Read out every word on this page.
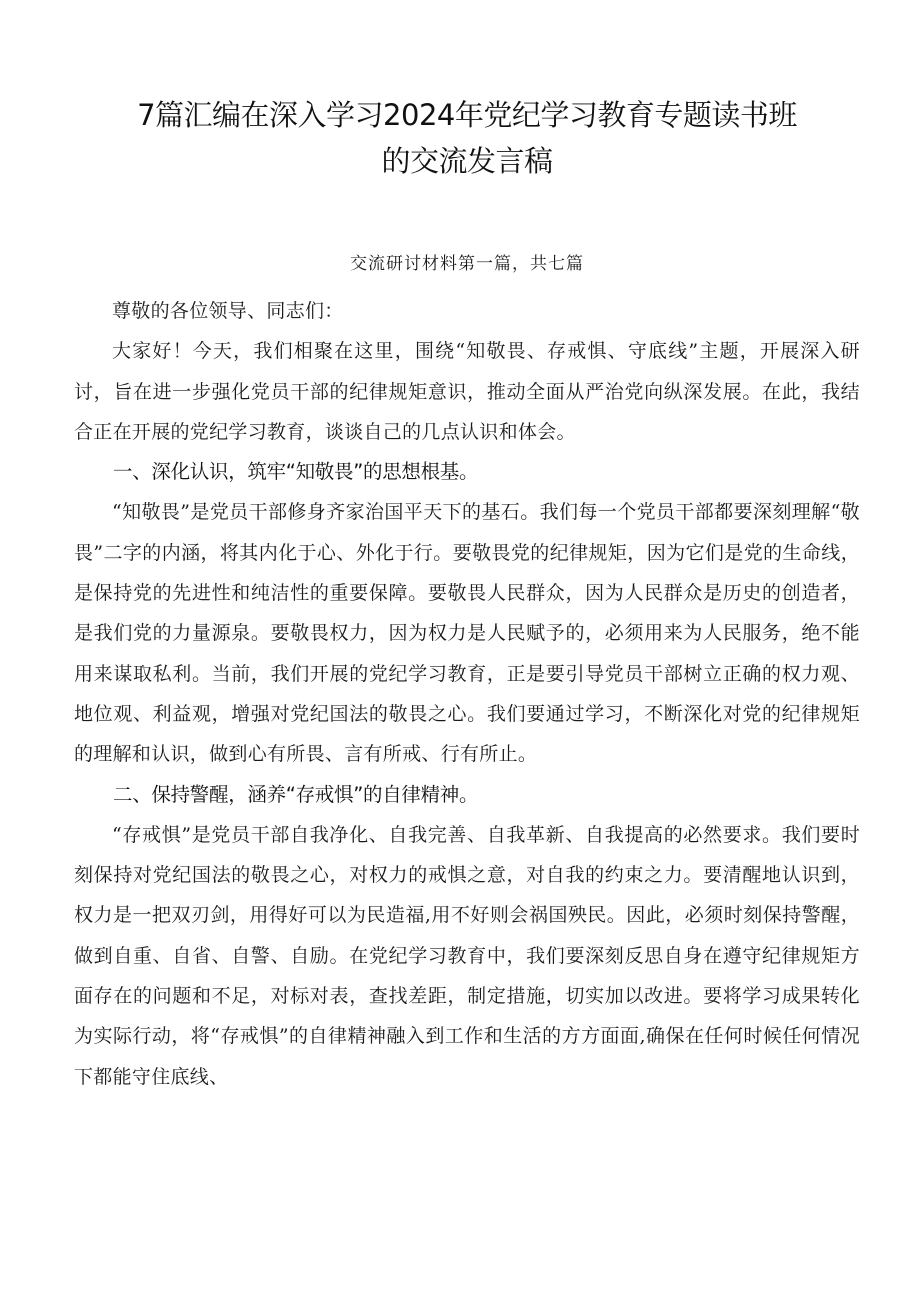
7篇汇编在深入学习2024年党纪学习教育专题读书班
的交流发言稿
交流研讨材料第一篇，共七篇

尊敬的各位领导、同志们：

大家好！今天，我们相聚在这里，围绕“知敬畏、存戒惧、守底线”主题，开展深入研讨，旨在进一步强化党员干部的纪律规矩意识，推动全面从严治党向纵深发展。在此，我结合正在开展的党纪学习教育，谈谈自己的几点认识和体会。

一、深化认识，筑牢“知敬畏”的思想根基。

“知敬畏”是党员干部修身齐家治国平天下的基石。我们每一个党员干部都要深刻理解“敬畏”二字的内涵，将其内化于心、外化于行。要敬畏党的纪律规矩，因为它们是党的生命线，是保持党的先进性和纯洁性的重要保障。要敬畏人民群众，因为人民群众是历史的创造者，是我们党的力量源泉。要敬畏权力，因为权力是人民赋予的，必须用来为人民服务，绝不能用来谋取私利。当前，我们开展的党纪学习教育，正是要引导党员干部树立正确的权力观、地位观、利益观，增强对党纪国法的敬畏之心。我们要通过学习，不断深化对党的纪律规矩的理解和认识，做到心有所畏、言有所戒、行有所止。

二、保持警醒，涵养“存戒惧”的自律精神。

“存戒惧”是党员干部自我净化、自我完善、自我革新、自我提高的必然要求。我们要时刻保持对党纪国法的敬畏之心，对权力的戒惧之意，对自我的约束之力。要清醒地认识到，权力是一把双刃剑，用得好可以为民造福,用不好则会祸国殃民。因此，必须时刻保持警醒，做到自重、自省、自警、自励。在党纪学习教育中，我们要深刻反思自身在遵守纪律规矩方面存在的问题和不足，对标对表，查找差距，制定措施，切实加以改进。要将学习成果转化为实际行动，将“存戒惧”的自律精神融入到工作和生活的方方面面,确保在任何时候任何情况下都能守住底线、
